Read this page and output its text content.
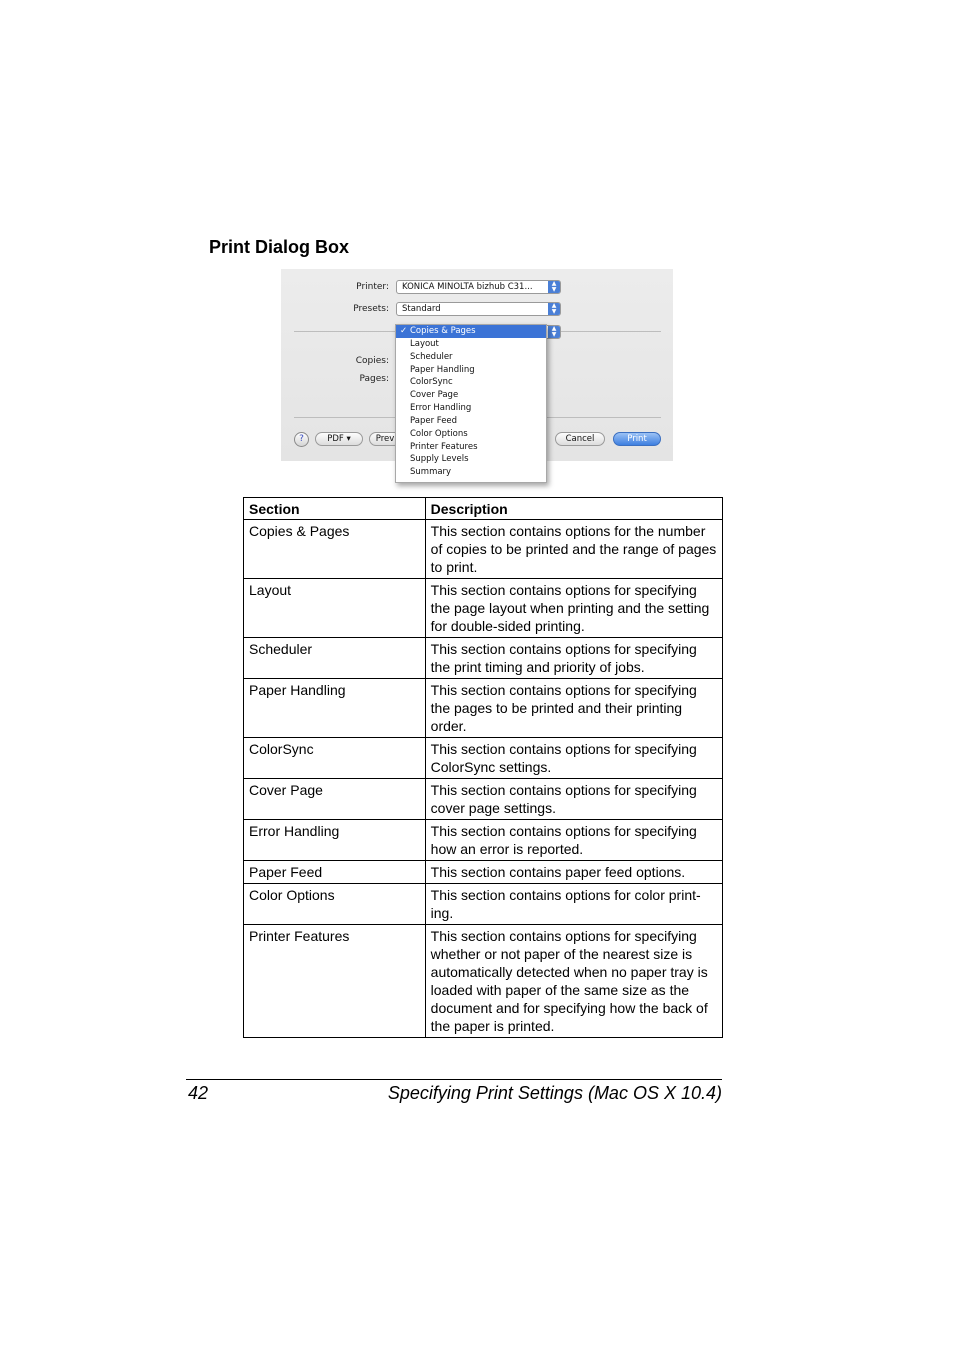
Print Dialog Box
Printer:	KONICA MINOLTA bizhub C31...	▲
▼
Presets:	Standard	▲
▼
▲
▼
Copies:
Pages:
?	PDF ▾	Prev	Cancel	Print
✓ Copies & Pages
Layout
Scheduler
Paper Handling
ColorSync
Cover Page
Error Handling
Paper Feed
Color Options
Printer Features
Supply Levels
Summary
Section	Description
Copies & Pages	This section contains options for the number of copies to be printed and the range of pages to print.
Layout	This section contains options for specifying the page layout when printing and the setting for double-sided printing.
Scheduler	This section contains options for specifying the print timing and priority of jobs.
Paper Handling	This section contains options for specifying the pages to be printed and their printing order.
ColorSync	This section contains options for specifying ColorSync settings.
Cover Page	This section contains options for specifying cover page settings.
Error Handling	This section contains options for specifying how an error is reported.
Paper Feed	This section contains paper feed options.
Color Options	This section contains options for color print-ing.
Printer Features	This section contains options for specifying whether or not paper of the nearest size is automatically detected when no paper tray is loaded with paper of the same size as the document and for specifying how the back of the paper is printed.
42	Specifying Print Settings (Mac OS X 10.4)
